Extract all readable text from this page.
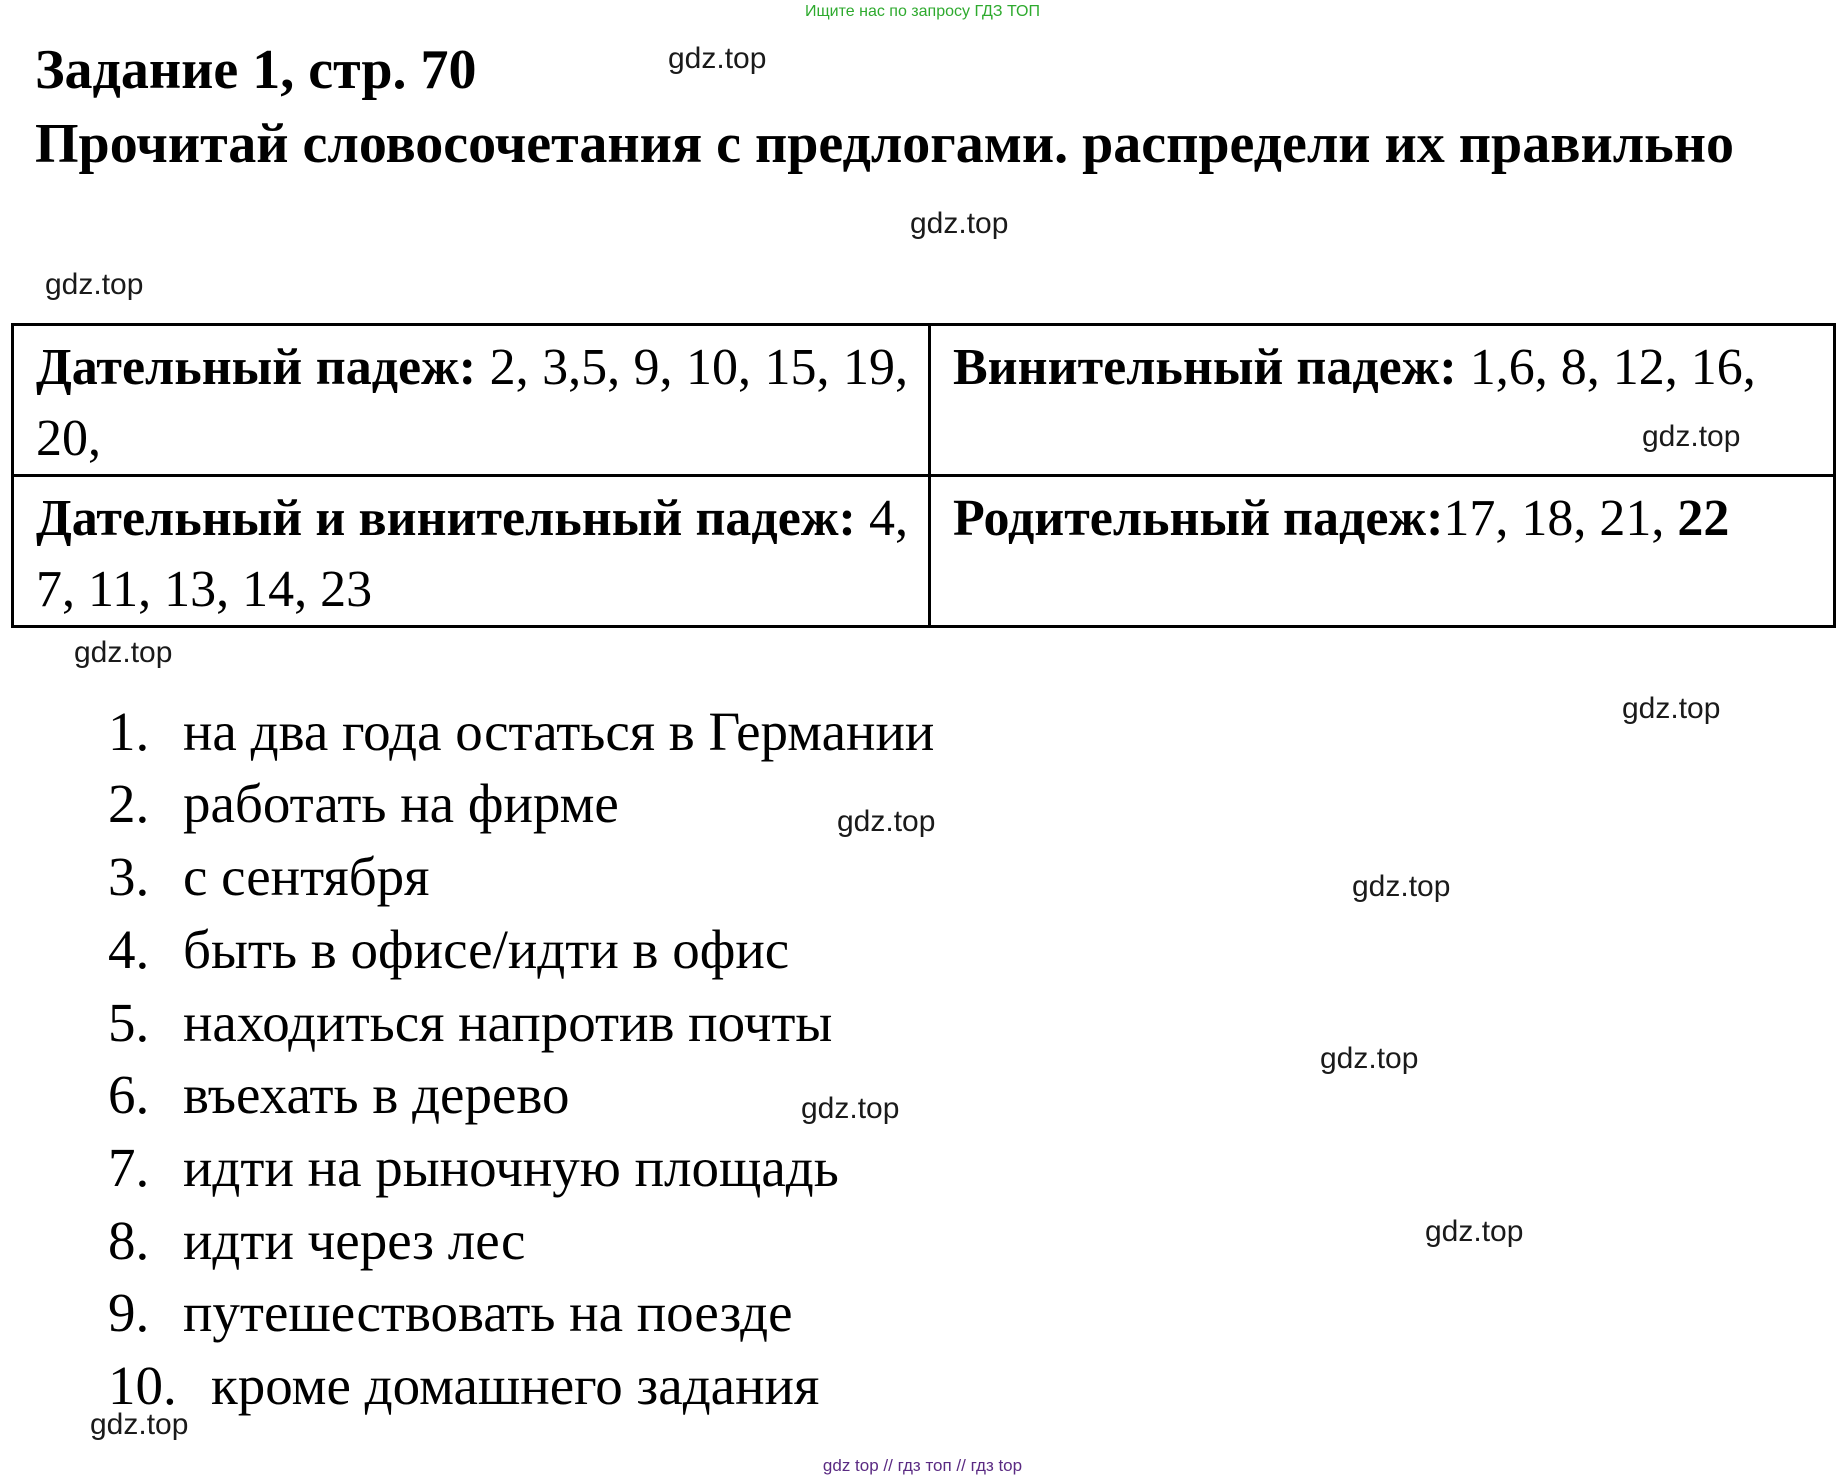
Ищите нас по запросу ГДЗ ТОП
Задание 1, стр. 70
Прочитай словосочетания с предлогами. распредели их правильно
gdz.top
gdz.top
gdz.top
gdz.top
gdz.top
gdz.top
gdz.top
gdz.top
gdz.top
gdz.top
gdz.top
gdz.top
Дательный падеж: 2, 3,5, 9, 10, 15, 19, 20,	Винительный падеж: 1,6, 8, 12, 16,
Дательный и винительный падеж: 4, 7, 11, 13, 14, 23	Родительный падеж:17, 18, 21, 22
1. на два года остаться в Германии
2. работать на фирме
3. с сентября
4. быть в офисе/идти в офис
5. находиться напротив почты
6. въехать в дерево
7. идти на рыночную площадь
8. идти через лес
9. путешествовать на поезде
10. кроме домашнего задания
gdz top // гдз топ // гдз top
